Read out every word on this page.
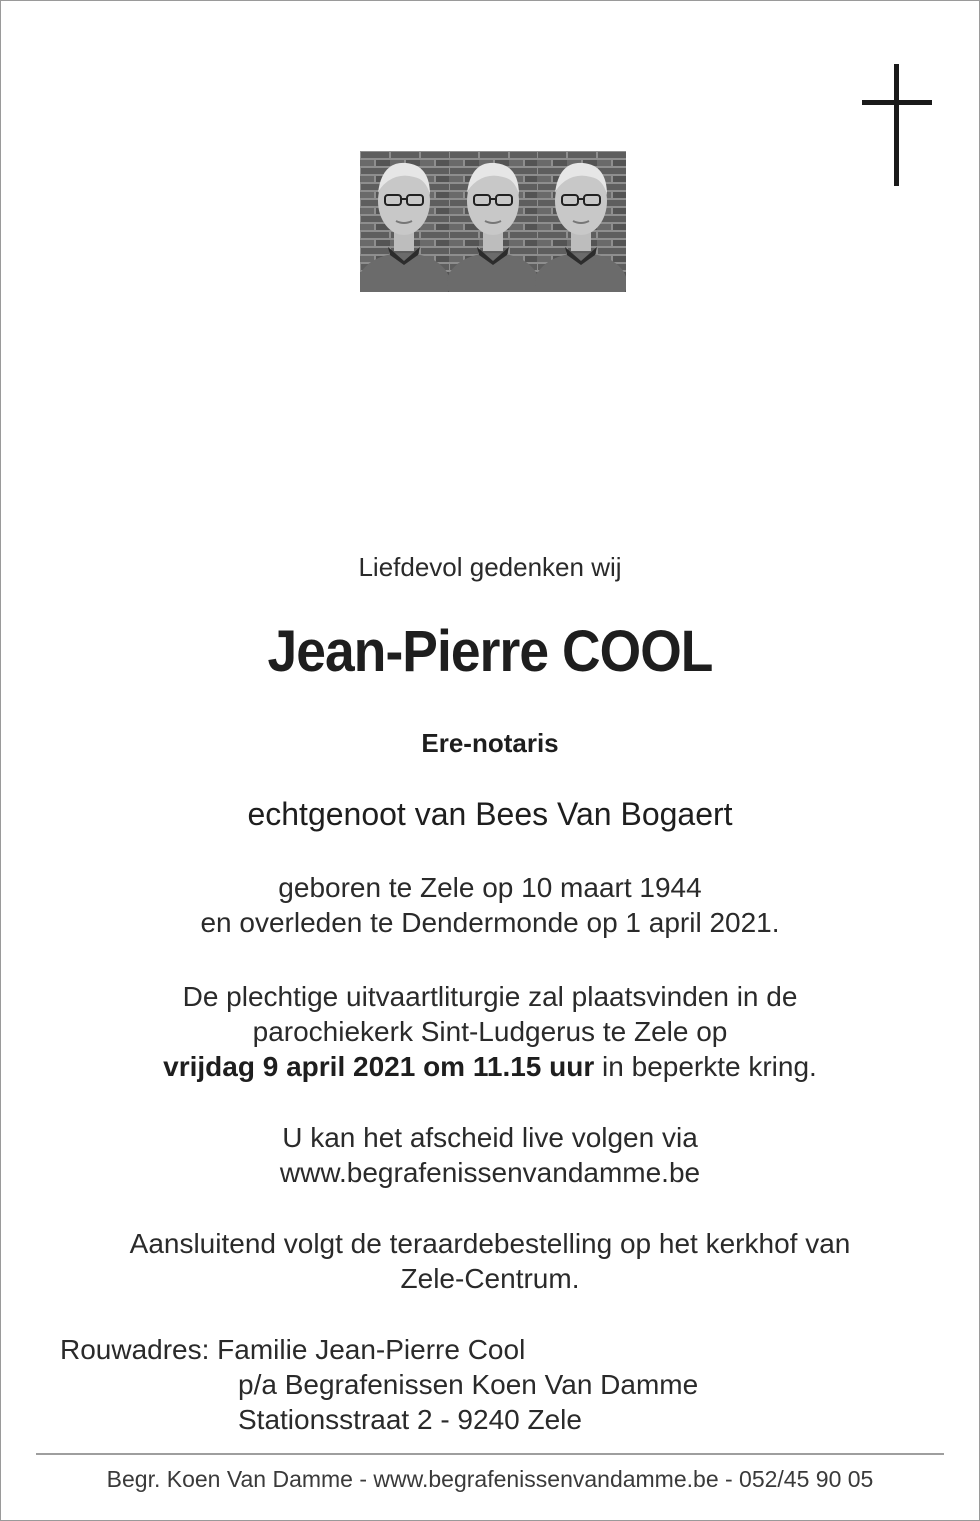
Liefdevol gedenken wij
Jean-Pierre COOL
Ere-notaris
echtgenoot van Bees Van Bogaert
geboren te Zele op 10 maart 1944
en overleden te Dendermonde op 1 april 2021.
De plechtige uitvaartliturgie zal plaatsvinden in de
parochiekerk Sint-Ludgerus te Zele op
vrijdag 9 april 2021 om 11.15 uur in beperkte kring.
U kan het afscheid live volgen via
www.begrafenissenvandamme.be
Aansluitend volgt de teraardebestelling op het kerkhof van
Zele-Centrum.
Rouwadres: Familie Jean-Pierre Cool
p/a Begrafenissen Koen Van Damme
Stationsstraat 2 - 9240 Zele
Begr. Koen Van Damme - www.begrafenissenvandamme.be - 052/45 90 05
